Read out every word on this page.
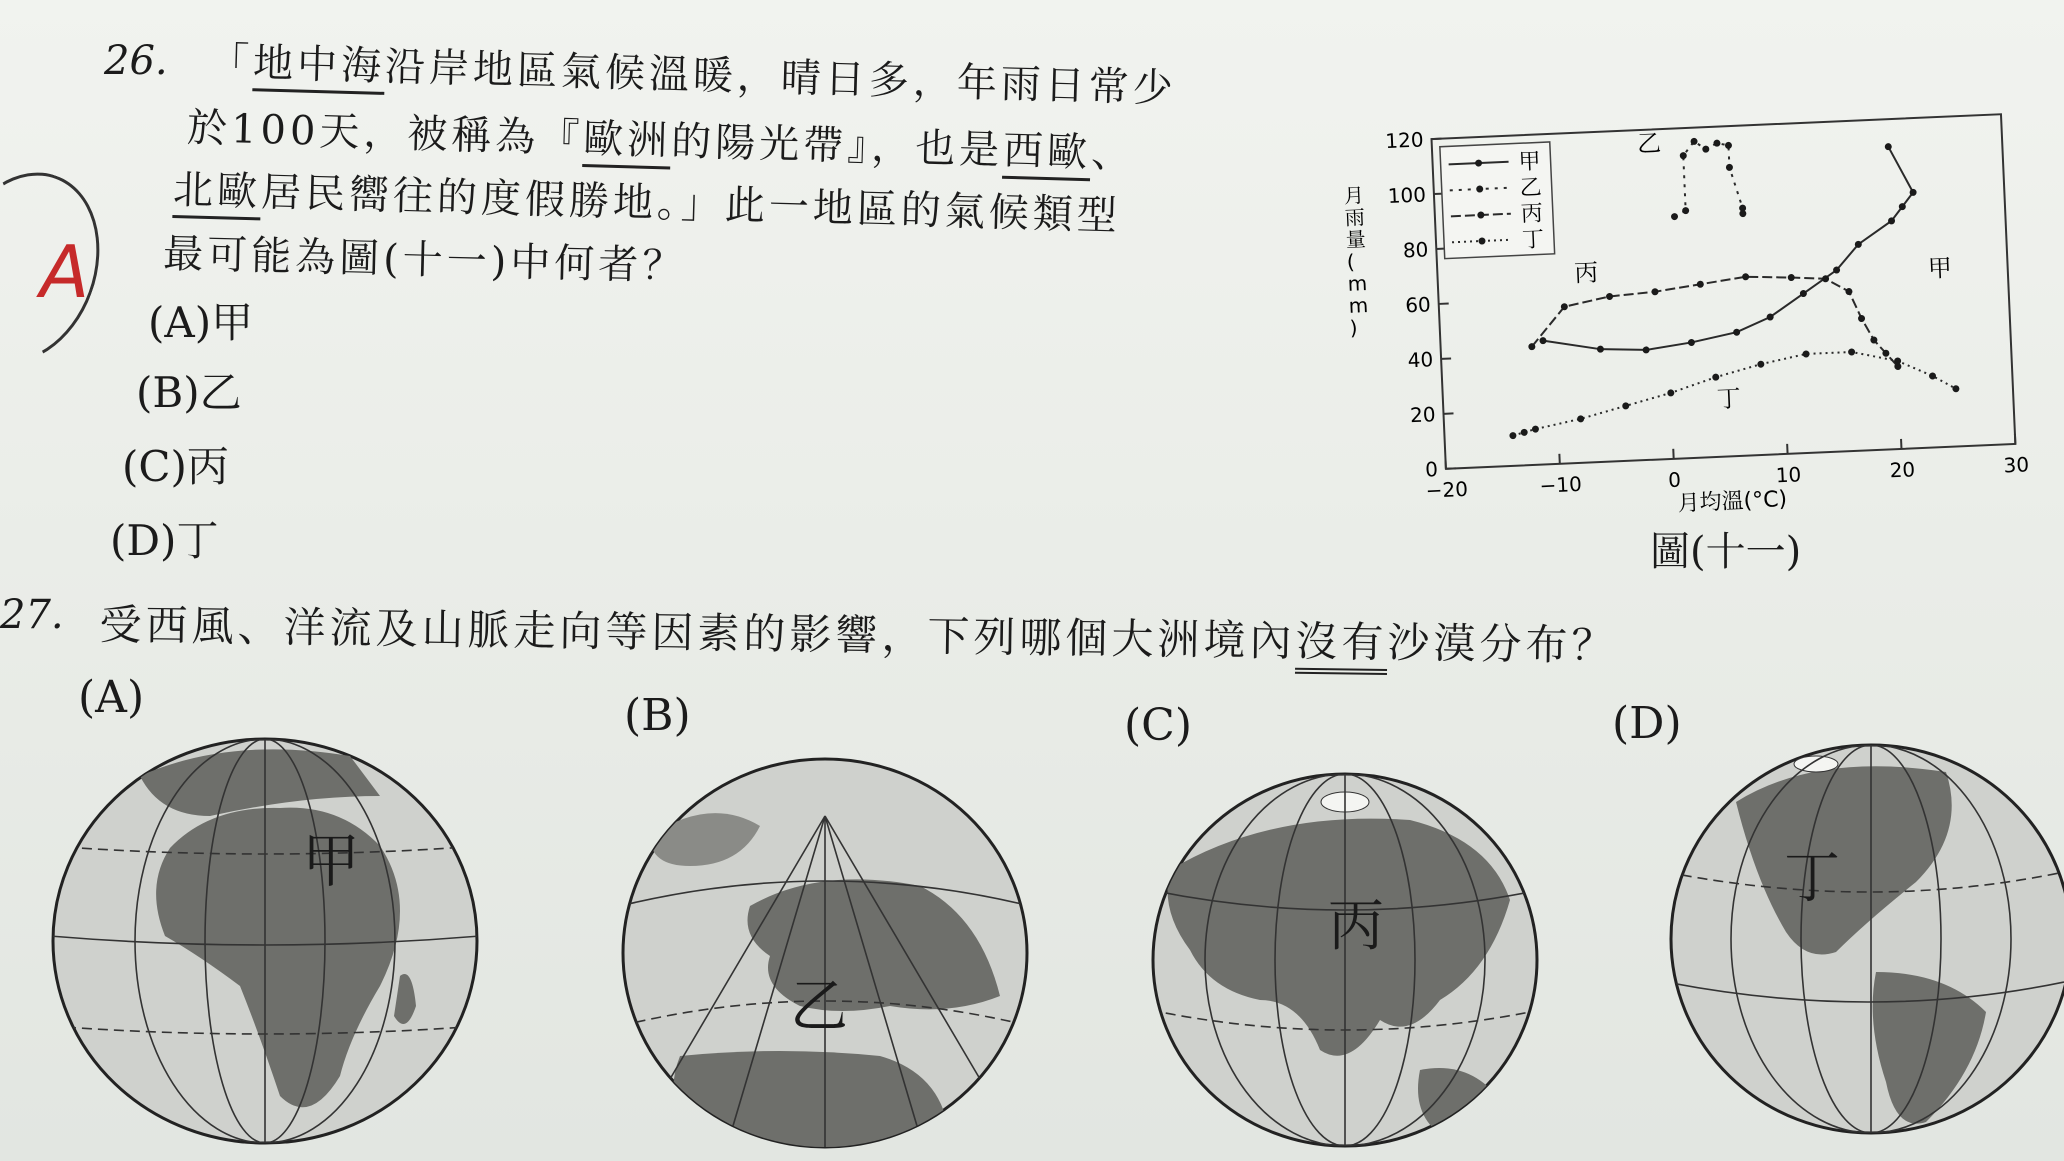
26. 「地中海沿岸地區氣候溫暖，晴日多，年雨日常少
於100天，被稱為『歐洲的陽光帶』，也是西歐、
北歐居民嚮往的度假勝地。」此一地區的氣候類型
最可能為圖(十一)中何者？
A
(A)甲
(B)乙
(C)丙
(D)丁
0
20
40
60
80
100
120
−20	−10	0	10	20	30
甲
乙
丙
丁
甲
乙
丙
丁
月雨量(mm)
月均溫(°C)
圖(十一)
27. 受西風、洋流及山脈走向等因素的影響，下列哪個大洲境內沒有沙漠分布？
(A)	(B)	(C)	(D)
甲
乙
丙
丁
